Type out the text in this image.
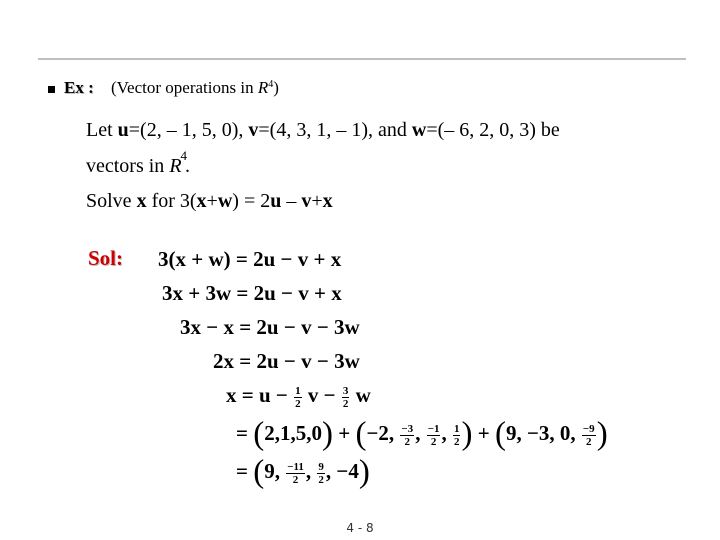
Ex : (Vector operations in $R^4$)
Let u=(2, – 1, 5, 0), v=(4, 3, 1, – 1), and w=(– 6, 2, 0, 3) be
vectors in $R^4$.
Solve x for 3(x+w) = 2u – v+x
Sol: 3(x + w) = 2u − v + x
3x + 3w = 2u − v + x
3x − x = 2u − v − 3w
2x = 2u − v − 3w
$x = u - \frac{1}{2}$ $v - \frac{3}{2}$ w
= (2,1,5,0) + (−2, $\frac{-3}{2}$ , $\frac{-1}{2}$ , $\frac{1}{2}$ ) + (9, −3, 0, $\frac{-9}{2}$ )
= (9, $\frac{-11}{2}$ , $\frac{9}{2}$ , −4)
4 - 8
